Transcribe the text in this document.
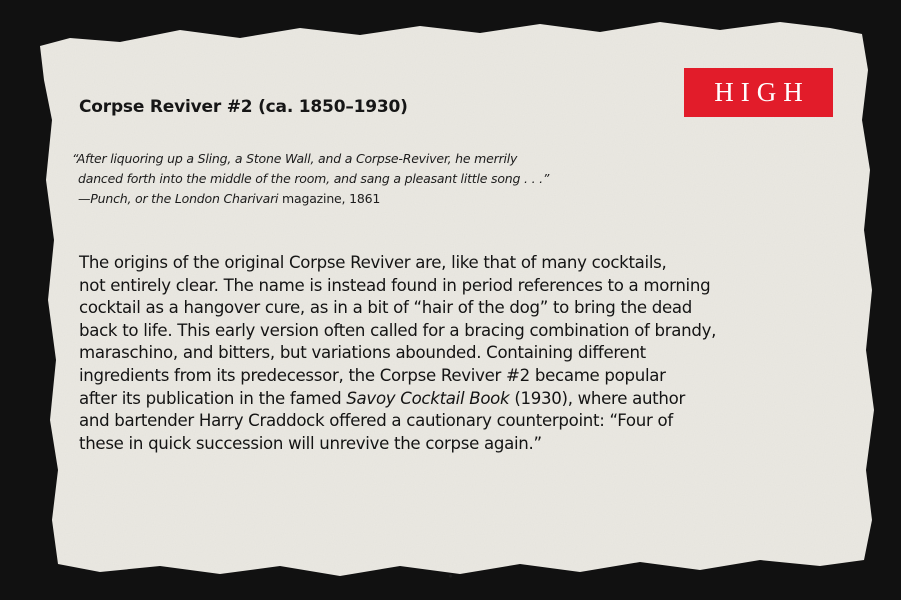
HIGH
Corpse Reviver #2 (ca. 1850–1930)
“After liquoring up a Sling, a Stone Wall, and a Corpse-Reviver, he merrily
danced forth into the middle of the room, and sang a pleasant little song . . .”
—Punch, or the London Charivari magazine, 1861
The origins of the original Corpse Reviver are, like that of many cocktails,
not entirely clear. The name is instead found in period references to a morning
cocktail as a hangover cure, as in a bit of “hair of the dog” to bring the dead
back to life. This early version often called for a bracing combination of brandy,
maraschino, and bitters, but variations abounded. Containing different
ingredients from its predecessor, the Corpse Reviver #2 became popular
after its publication in the famed Savoy Cocktail Book (1930), where author
and bartender Harry Craddock offered a cautionary counterpoint: “Four of
these in quick succession will unrevive the corpse again.”
